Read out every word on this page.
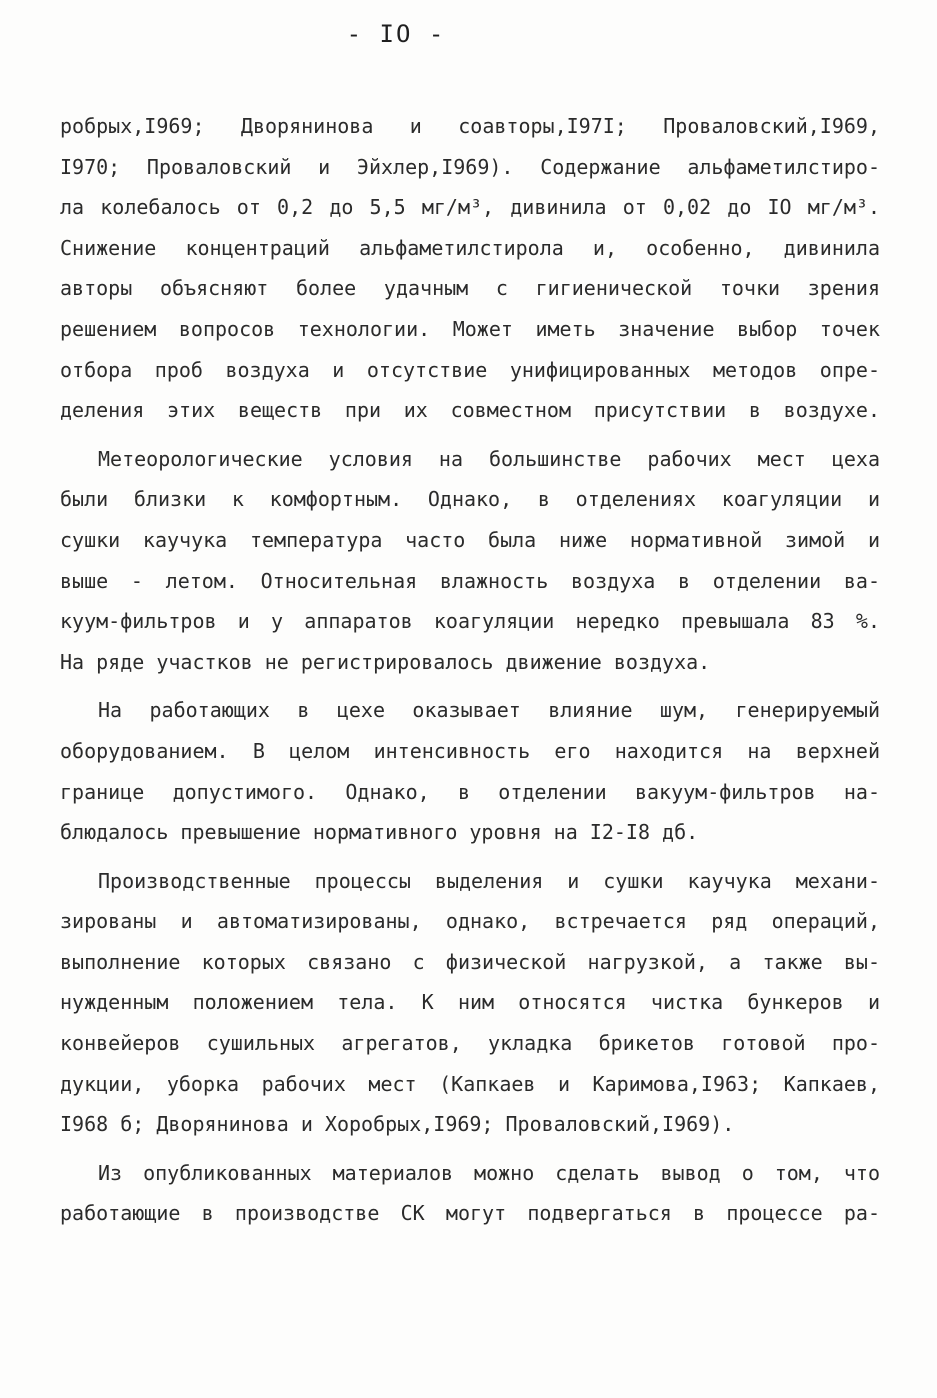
- IO -
робрых,I969; Дворянинова и соавторы,I97I; Проваловский,I969,
I970; Проваловский и Эйхлер,I969). Содержание альфаметилстиро-
ла колебалось от 0,2 до 5,5 мг/м³, дивинила от 0,02 до IO мг/м³.
Снижение концентраций альфаметилстирола и, особенно, дивинила
авторы объясняют более удачным с гигиенической точки зрения
решением вопросов технологии. Может иметь значение выбор точек
отбора проб воздуха и отсутствие унифицированных методов опре-
деления этих веществ при их совместном присутствии в воздухе.
Метеорологические условия на большинстве рабочих мест цеха
были близки к комфортным. Однако, в отделениях коагуляции и
сушки каучука температура часто была ниже нормативной зимой и
выше - летом. Относительная влажность воздуха в отделении ва-
куум-фильтров и у аппаратов коагуляции нередко превышала 83 %.
На ряде участков не регистрировалось движение воздуха.
На работающих в цехе оказывает влияние шум, генерируемый
оборудованием. В целом интенсивность его находится на верхней
границе допустимого. Однако, в отделении вакуум-фильтров на-
блюдалось превышение нормативного уровня на I2-I8 дб.
Производственные процессы выделения и сушки каучука механи-
зированы и автоматизированы, однако, встречается ряд операций,
выполнение которых связано с физической нагрузкой, а также вы-
нужденным положением тела. К ним относятся чистка бункеров и
конвейеров сушильных агрегатов, укладка брикетов готовой про-
дукции, уборка рабочих мест (Капкаев и Каримова,I963; Капкаев,
I968 б; Дворянинова и Хоробрых,I969; Проваловский,I969).
Из опубликованных материалов можно сделать вывод о том, что
работающие в производстве СК могут подвергаться в процессе ра-
